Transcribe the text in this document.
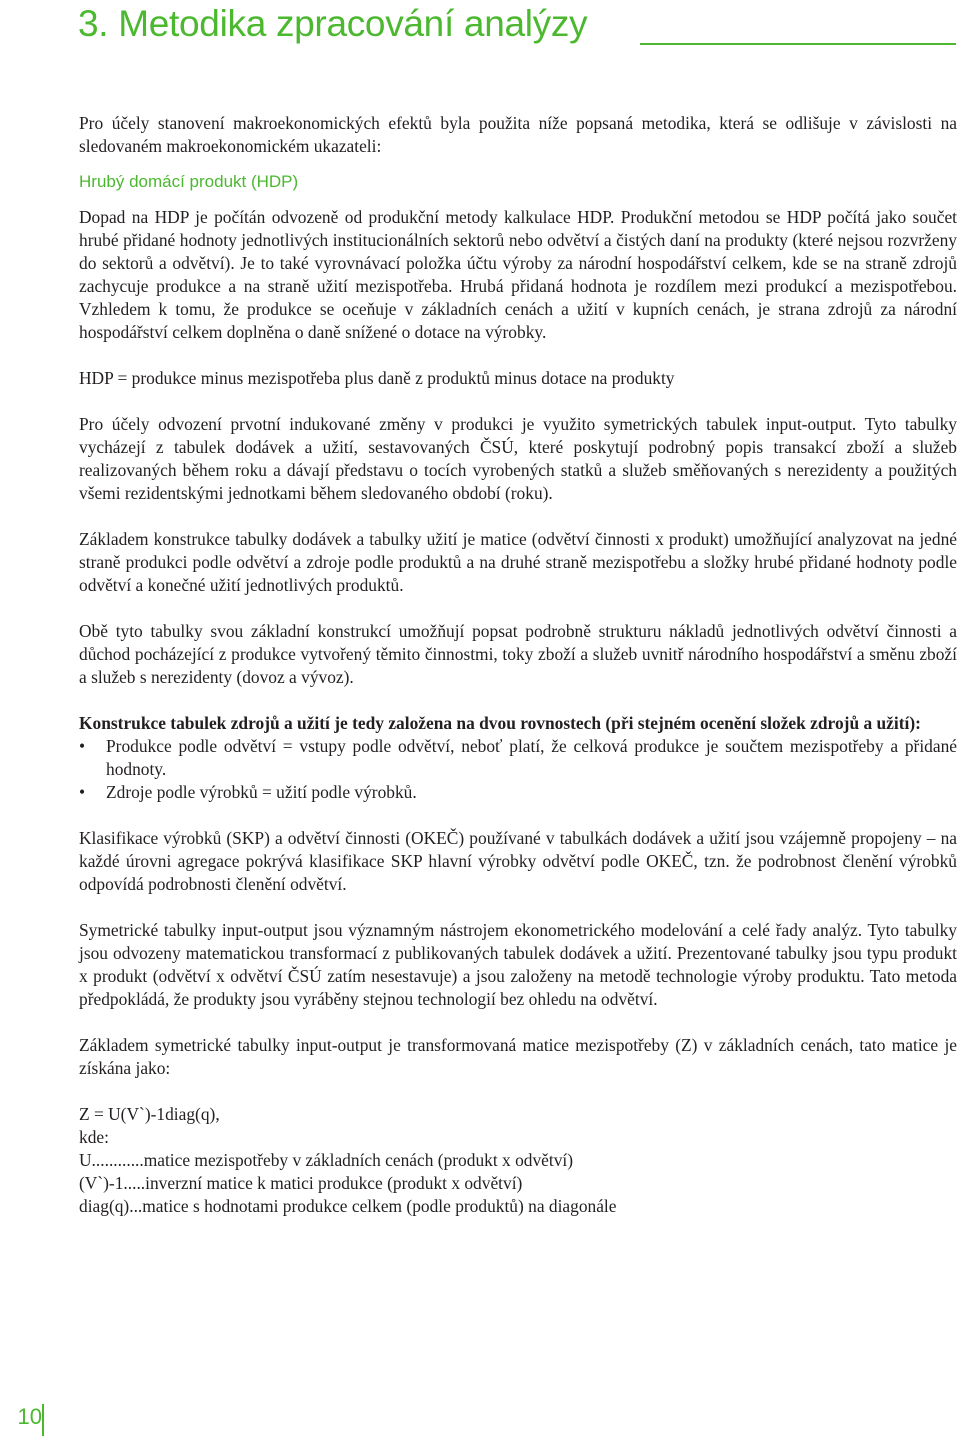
3. Metodika zpracování analýzy

Pro účely stanovení makroekonomických efektů byla použita níže popsaná metodika, která se odlišuje v závislosti na sledovaném makroekonomickém ukazateli:

Hrubý domácí produkt (HDP)

Dopad na HDP je počítán odvozeně od produkční metody kalkulace HDP. Produkční metodou se HDP počítá jako součet hrubé přidané hodnoty jednotlivých institucionálních sektorů nebo odvětví a čistých daní na produkty (které nejsou rozvrženy do sektorů a odvětví). Je to také vyrovnávací položka účtu výroby za národní hospodářství celkem, kde se na straně zdrojů zachycuje produkce a na straně užití mezispotřeba. Hrubá přidaná hodnota je rozdílem mezi produkcí a mezispotřebou. Vzhledem k tomu, že produkce se oceňuje v základních cenách a užití v kupních cenách, je strana zdrojů za národní hospodářství celkem doplněna o daně snížené o dotace na výrobky.

HDP = produkce minus mezispotřeba plus daně z produktů minus dotace na produkty

Pro účely odvození prvotní indukované změny v produkci je využito symetrických tabulek input-output. Tyto tabulky vycházejí z tabulek dodávek a užití, sestavovaných ČSÚ, které poskytují podrobný popis transakcí zboží a služeb realizovaných během roku a dávají představu o tocích vyrobených statků a služeb směňovaných s nerezidenty a použitých všemi rezidentskými jednotkami během sledovaného období (roku).

Základem konstrukce tabulky dodávek a tabulky užití je matice (odvětví činnosti x produkt) umožňující analyzovat na jedné straně produkci podle odvětví a zdroje podle produktů a na druhé straně mezispotřebu a složky hrubé přidané hodnoty podle odvětví a konečné užití jednotlivých produktů.

Obě tyto tabulky svou základní konstrukcí umožňují popsat podrobně strukturu nákladů jednotlivých odvětví činnosti a důchod pocházející z produkce vytvořený těmito činnostmi, toky zboží a služeb uvnitř národního hospodářství a směnu zboží a služeb s nerezidenty (dovoz a vývoz).

Konstrukce tabulek zdrojů a užití je tedy založena na dvou rovnostech (při stejném ocenění složek zdrojů a užití):

• Produkce podle odvětví = vstupy podle odvětví, neboť platí, že celková produkce je součtem mezispotřeby a přidané hodnoty.
• Zdroje podle výrobků = užití podle výrobků.

Klasifikace výrobků (SKP) a odvětví činnosti (OKEČ) používané v tabulkách dodávek a užití jsou vzájemně propojeny – na každé úrovni agregace pokrývá klasifikace SKP hlavní výrobky odvětví podle OKEČ, tzn. že podrobnost členění výrobků odpovídá podrobnosti členění odvětví.

Symetrické tabulky input-output jsou významným nástrojem ekonometrického modelování a celé řady analýz. Tyto tabulky jsou odvozeny matematickou transformací z publikovaných tabulek dodávek a užití. Prezentované tabulky jsou typu produkt x produkt (odvětví x odvětví ČSÚ zatím nesestavuje) a jsou založeny na metodě technologie výroby produktu. Tato metoda předpokládá, že produkty jsou vyráběny stejnou technologií bez ohledu na odvětví.

Základem symetrické tabulky input-output je transformovaná matice mezispotřeby (Z) v základních cenách, tato matice je získána jako:

Z = U(V`)-1diag(q),

kde:

U............matice mezispotřeby v základních cenách (produkt x odvětví)

(V`)-1.....inverzní matice k matici produkce (produkt x odvětví)

diag(q)...matice s hodnotami produkce celkem (podle produktů) na diagonále

10
